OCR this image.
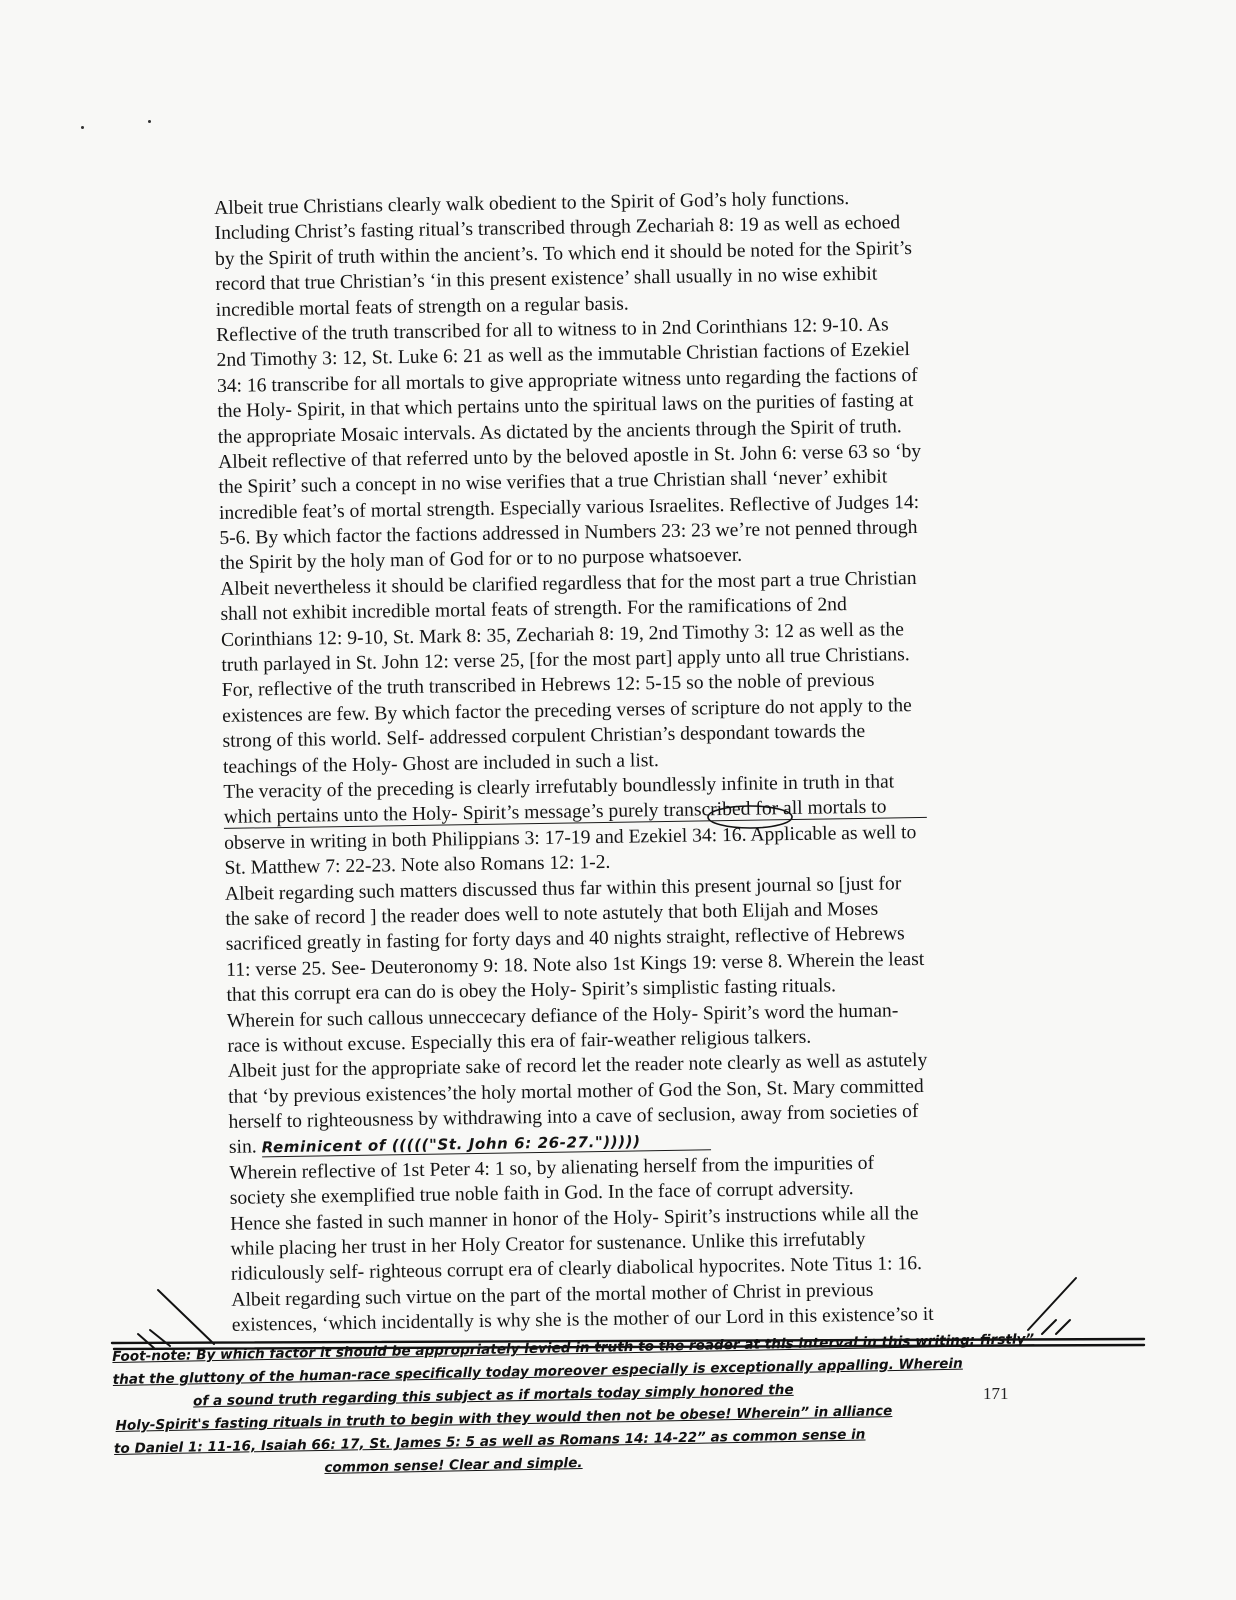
Albeit true Christians clearly walk obedient to the Spirit of God’s holy functions.
Including Christ’s fasting ritual’s transcribed through Zechariah 8: 19 as well as echoed
by the Spirit of truth within the ancient’s. To which end it should be noted for the Spirit’s
record that true Christian’s ‘in this present existence’ shall usually in no wise exhibit
incredible mortal feats of strength on a regular basis.
Reflective of the truth transcribed for all to witness to in 2nd Corinthians 12: 9-10. As
2nd Timothy 3: 12, St. Luke 6: 21 as well as the immutable Christian factions of Ezekiel
34: 16 transcribe for all mortals to give appropriate witness unto regarding the factions of
the Holy- Spirit, in that which pertains unto the spiritual laws on the purities of fasting at
the appropriate Mosaic intervals. As dictated by the ancients through the Spirit of truth.
Albeit reflective of that referred unto by the beloved apostle in St. John 6: verse 63 so ‘by
the Spirit’ such a concept in no wise verifies that a true Christian shall ‘never’ exhibit
incredible feat’s of mortal strength. Especially various Israelites. Reflective of Judges 14:
5-6. By which factor the factions addressed in Numbers 23: 23 we’re not penned through
the Spirit by the holy man of God for or to no purpose whatsoever.
Albeit nevertheless it should be clarified regardless that for the most part a true Christian
shall not exhibit incredible mortal feats of strength. For the ramifications of 2nd
Corinthians 12: 9-10, St. Mark 8: 35, Zechariah 8: 19, 2nd Timothy 3: 12 as well as the
truth parlayed in St. John 12: verse 25, [for the most part] apply unto all true Christians.
For, reflective of the truth transcribed in Hebrews 12: 5-15 so the noble of previous
existences are few. By which factor the preceding verses of scripture do not apply to the
strong of this world. Self- addressed corpulent Christian’s despondant towards the
teachings of the Holy- Ghost are included in such a list.
The veracity of the preceding is clearly irrefutably boundlessly infinite in truth in that
which pertains unto the Holy- Spirit’s message’s purely transcribed for all mortals to
observe in writing in both Philippians 3: 17-19 and Ezekiel 34: 16. Applicable as well to
St. Matthew 7: 22-23. Note also Romans 12: 1-2.
Albeit regarding such matters discussed thus far within this present journal so [just for
the sake of record ] the reader does well to note astutely that both Elijah and Moses
sacrificed greatly in fasting for forty days and 40 nights straight, reflective of Hebrews
11: verse 25. See- Deuteronomy 9: 18. Note also 1st Kings 19: verse 8. Wherein the least
that this corrupt era can do is obey the Holy- Spirit’s simplistic fasting rituals.
Wherein for such callous unneccecary defiance of the Holy- Spirit’s word the human-
race is without excuse. Especially this era of fair-weather religious talkers.
Albeit just for the appropriate sake of record let the reader note clearly as well as astutely
that ‘by previous existences’the holy mortal mother of God the Son, St. Mary committed
herself to righteousness by withdrawing into a cave of seclusion, away from societies of
sin. Reminicent of ((((("St. John 6: 26-27.")))))
Wherein reflective of 1st Peter 4: 1 so, by alienating herself from the impurities of
society she exemplified true noble faith in God. In the face of corrupt adversity.
Hence she fasted in such manner in honor of the Holy- Spirit’s instructions while all the
while placing her trust in her Holy Creator for sustenance. Unlike this irrefutably
ridiculously self- righteous corrupt era of clearly diabolical hypocrites. Note Titus 1: 16.
Albeit regarding such virtue on the part of the mortal mother of Christ in previous
existences, ‘which incidentally is why she is the mother of our Lord in this existence’so it
Foot-note: By which factor it should be appropriately levied in truth to the reader at this interval in this writing: firstly”
that the gluttony of the human-race specifically today moreover especially is exceptionally appalling. Wherein
of a sound truth regarding this subject as if mortals today simply honored the
Holy-Spirit's fasting rituals in truth to begin with they would then not be obese! Wherein” in alliance
to Daniel 1: 11-16, Isaiah 66: 17, St. James 5: 5 as well as Romans 14: 14-22” as common sense in
common sense! Clear and simple.
171
